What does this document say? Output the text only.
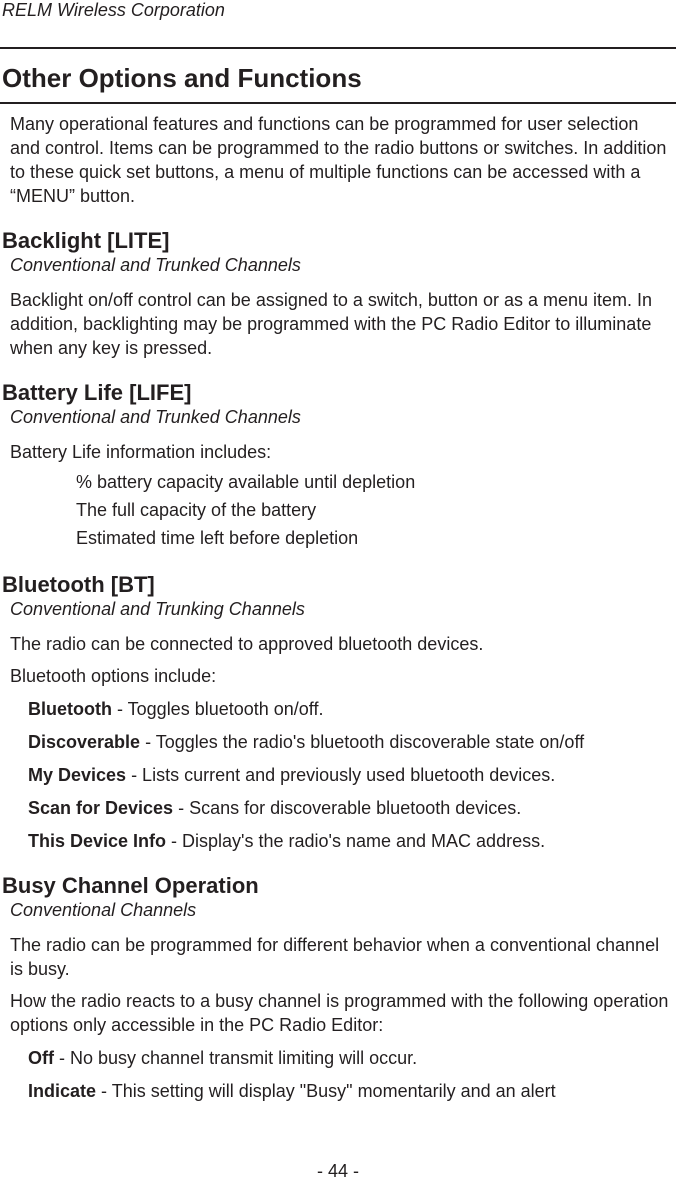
RELM Wireless Corporation
Other Options and Functions

Many operational features and functions can be programmed for user selection and control. Items can be programmed to the radio buttons or switches. In addition to these quick set buttons, a menu of multiple functions can be accessed with a “MENU” button.

Backlight [LITE]
Conventional and Trunked Channels

Backlight on/off control can be assigned to a switch, button or as a menu item. In addition, backlighting may be programmed with the PC Radio Editor to illuminate when any key is pressed.

Battery Life [LIFE]
Conventional and Trunked Channels

Battery Life information includes:

% battery capacity available until depletion
The full capacity of the battery
Estimated time left before depletion
Bluetooth [BT]
Conventional and Trunking Channels

The radio can be connected to approved bluetooth devices.

Bluetooth options include:

Bluetooth - Toggles bluetooth on/off.
Discoverable - Toggles the radio's bluetooth discoverable state on/off
My Devices - Lists current and previously used bluetooth devices.
Scan for Devices - Scans for discoverable bluetooth devices.
This Device Info - Display's the radio's name and MAC address.
Busy Channel Operation
Conventional Channels

The radio can be programmed for different behavior when a conventional channel is busy.

How the radio reacts to a busy channel is programmed with the following operation options only accessible in the PC Radio Editor:

Off - No busy channel transmit limiting will occur.
Indicate - This setting will display "Busy" momentarily and an alert
- 44 -
